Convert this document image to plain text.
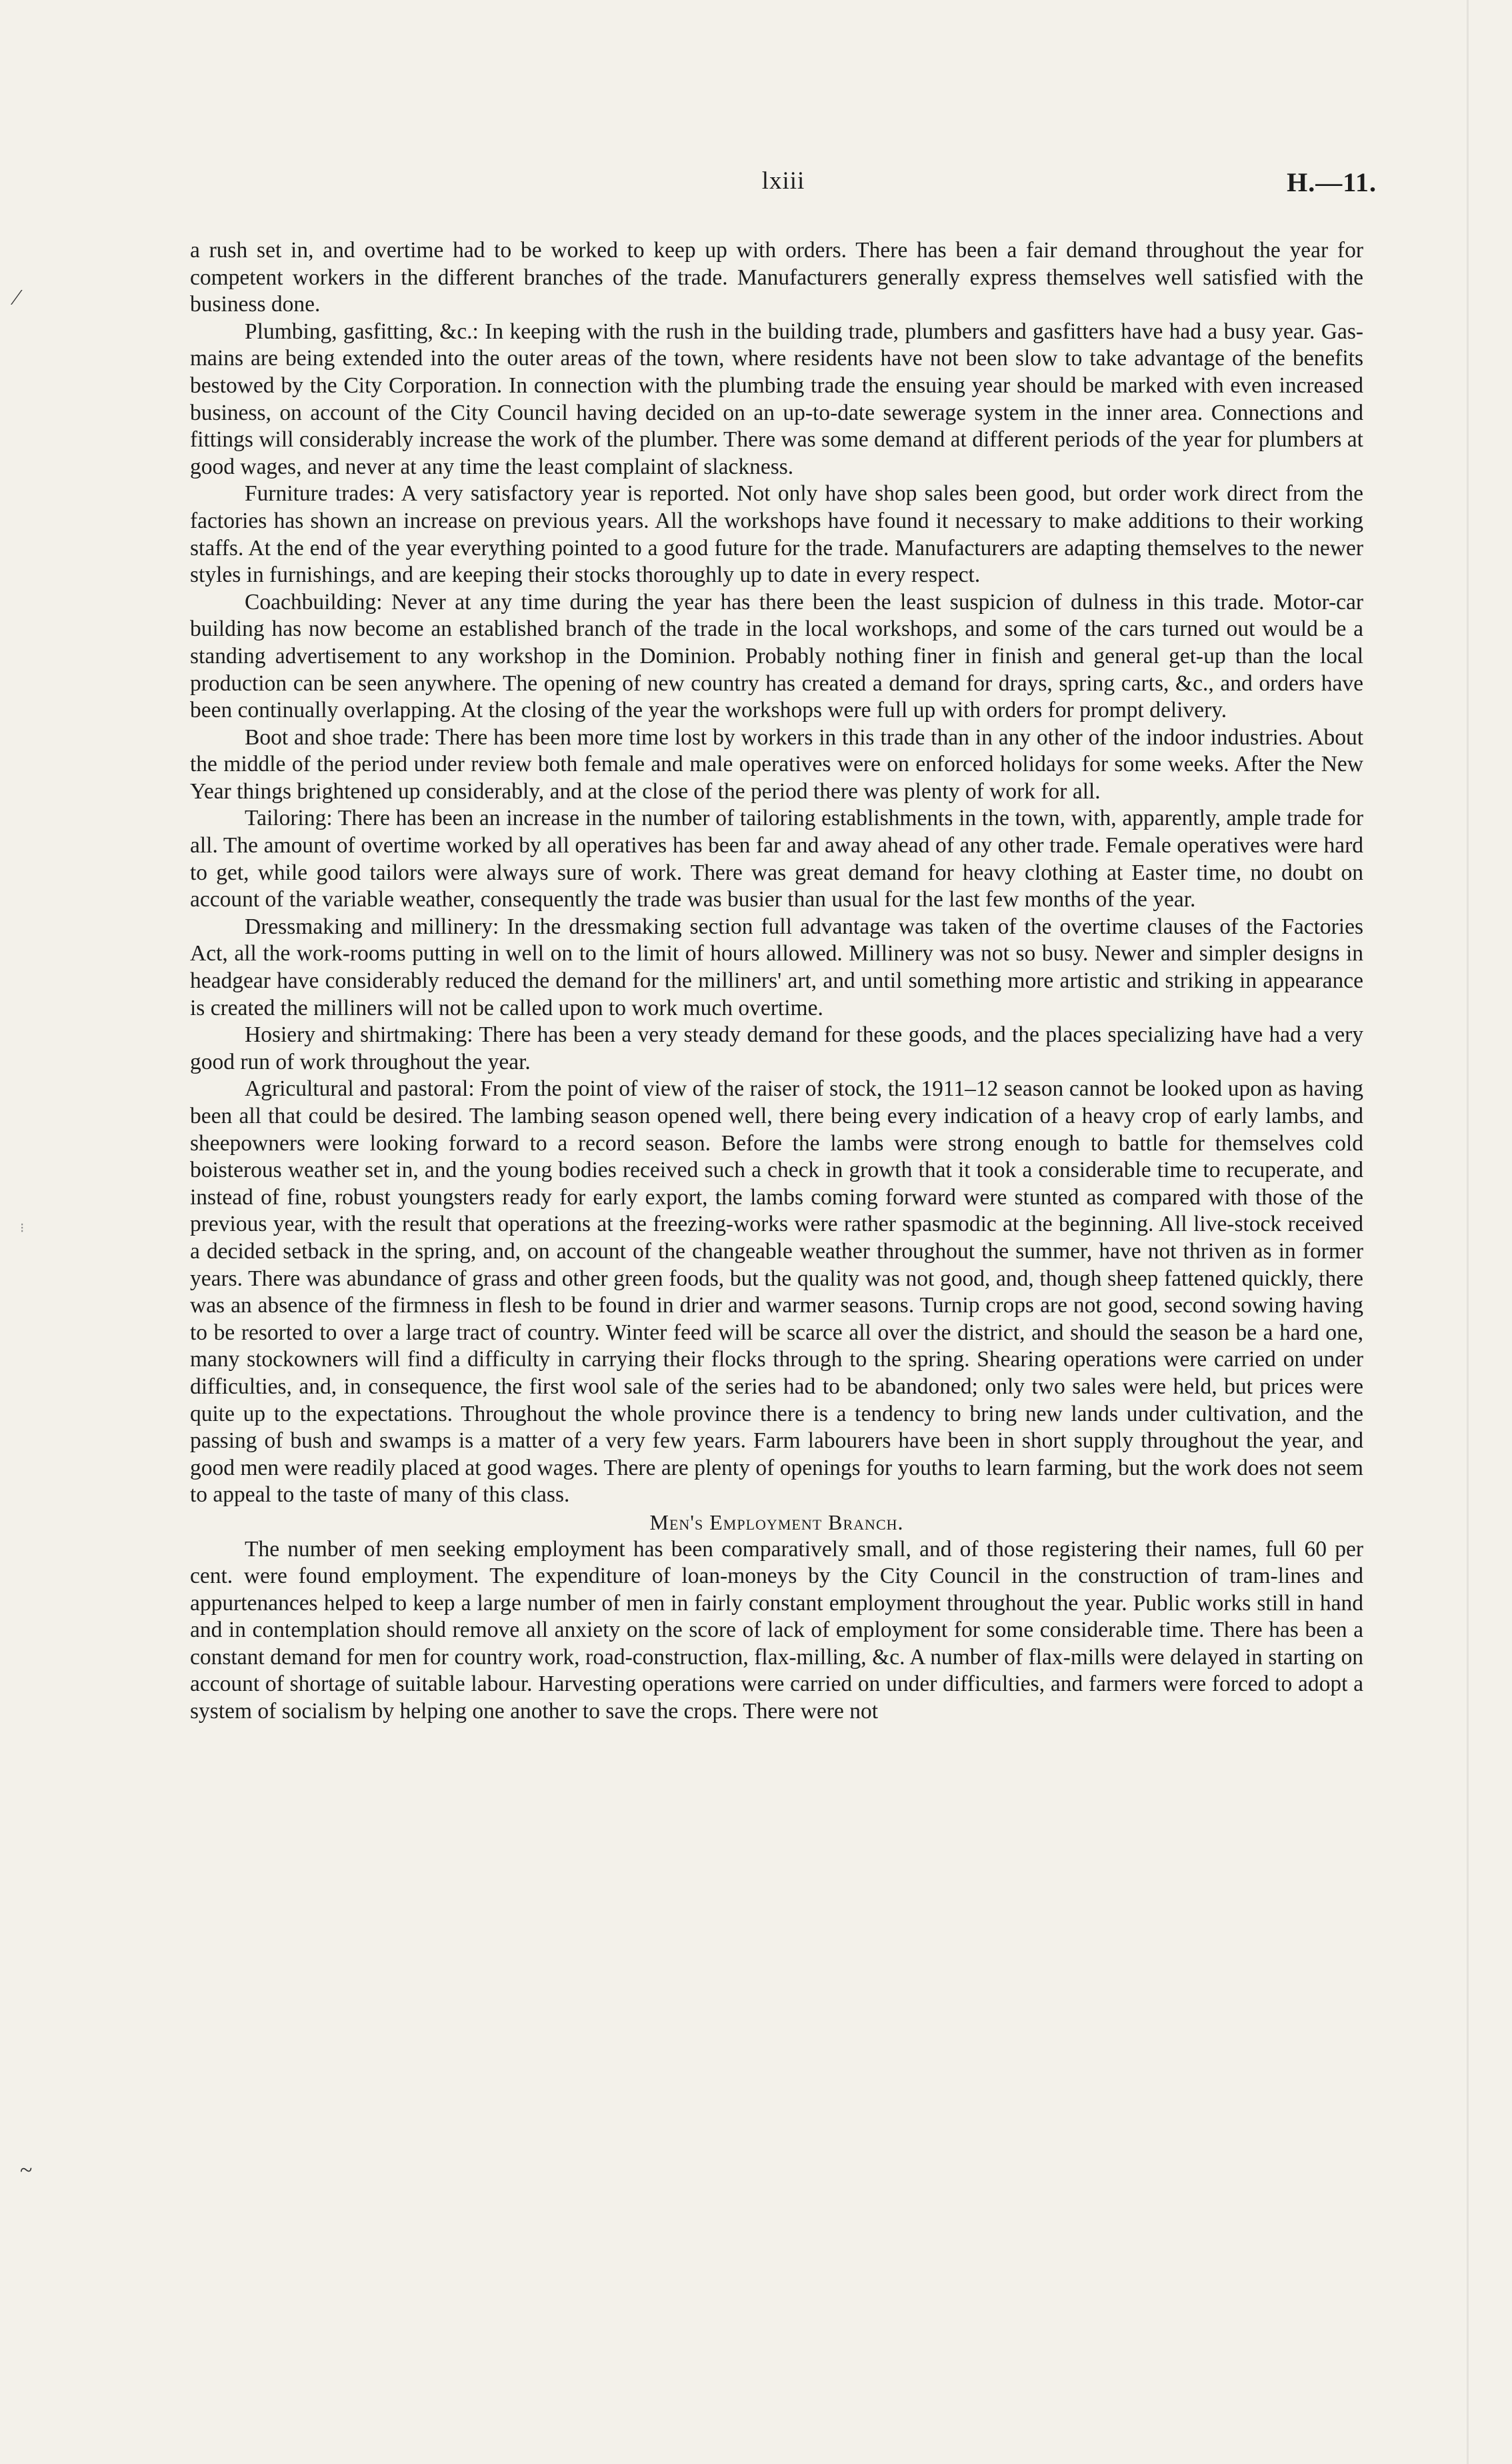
lxiii	H.—11.

a rush set in, and overtime had to be worked to keep up with orders. There has been a fair demand throughout the year for competent workers in the different branches of the trade. Manufacturers generally express themselves well satisfied with the business done.

Plumbing, gasfitting, &c.: In keeping with the rush in the building trade, plumbers and gasfitters have had a busy year. Gas-mains are being extended into the outer areas of the town, where residents have not been slow to take advantage of the benefits bestowed by the City Corporation. In connection with the plumbing trade the ensuing year should be marked with even increased business, on account of the City Council having decided on an up-to-date sewerage system in the inner area. Connections and fittings will considerably increase the work of the plumber. There was some demand at different periods of the year for plumbers at good wages, and never at any time the least complaint of slackness.

Furniture trades: A very satisfactory year is reported. Not only have shop sales been good, but order work direct from the factories has shown an increase on previous years. All the workshops have found it necessary to make additions to their working staffs. At the end of the year everything pointed to a good future for the trade. Manufacturers are adapting themselves to the newer styles in furnishings, and are keeping their stocks thoroughly up to date in every respect.

Coachbuilding: Never at any time during the year has there been the least suspicion of dulness in this trade. Motor-car building has now become an established branch of the trade in the local workshops, and some of the cars turned out would be a standing advertisement to any workshop in the Dominion. Probably nothing finer in finish and general get-up than the local production can be seen anywhere. The opening of new country has created a demand for drays, spring carts, &c., and orders have been continually overlapping. At the closing of the year the workshops were full up with orders for prompt delivery.

Boot and shoe trade: There has been more time lost by workers in this trade than in any other of the indoor industries. About the middle of the period under review both female and male operatives were on enforced holidays for some weeks. After the New Year things brightened up considerably, and at the close of the period there was plenty of work for all.

Tailoring: There has been an increase in the number of tailoring establishments in the town, with, apparently, ample trade for all. The amount of overtime worked by all operatives has been far and away ahead of any other trade. Female operatives were hard to get, while good tailors were always sure of work. There was great demand for heavy clothing at Easter time, no doubt on account of the variable weather, consequently the trade was busier than usual for the last few months of the year.

Dressmaking and millinery: In the dressmaking section full advantage was taken of the overtime clauses of the Factories Act, all the work-rooms putting in well on to the limit of hours allowed. Millinery was not so busy. Newer and simpler designs in headgear have considerably reduced the demand for the milliners' art, and until something more artistic and striking in appearance is created the milliners will not be called upon to work much overtime.

Hosiery and shirtmaking: There has been a very steady demand for these goods, and the places specializing have had a very good run of work throughout the year.

Agricultural and pastoral: From the point of view of the raiser of stock, the 1911–12 season cannot be looked upon as having been all that could be desired. The lambing season opened well, there being every indication of a heavy crop of early lambs, and sheepowners were looking forward to a record season. Before the lambs were strong enough to battle for themselves cold boisterous weather set in, and the young bodies received such a check in growth that it took a considerable time to recuperate, and instead of fine, robust youngsters ready for early export, the lambs coming forward were stunted as compared with those of the previous year, with the result that operations at the freezing-works were rather spasmodic at the beginning. All live-stock received a decided setback in the spring, and, on account of the changeable weather throughout the summer, have not thriven as in former years. There was abundance of grass and other green foods, but the quality was not good, and, though sheep fattened quickly, there was an absence of the firmness in flesh to be found in drier and warmer seasons. Turnip crops are not good, second sowing having to be resorted to over a large tract of country. Winter feed will be scarce all over the district, and should the season be a hard one, many stockowners will find a difficulty in carrying their flocks through to the spring. Shearing operations were carried on under difficulties, and, in consequence, the first wool sale of the series had to be abandoned; only two sales were held, but prices were quite up to the expectations. Throughout the whole province there is a tendency to bring new lands under cultivation, and the passing of bush and swamps is a matter of a very few years. Farm labourers have been in short supply throughout the year, and good men were readily placed at good wages. There are plenty of openings for youths to learn farming, but the work does not seem to appeal to the taste of many of this class.

Men's Employment Branch.

The number of men seeking employment has been comparatively small, and of those registering their names, full 60 per cent. were found employment. The expenditure of loan-moneys by the City Council in the construction of tram-lines and appurtenances helped to keep a large number of men in fairly constant employment throughout the year. Public works still in hand and in contemplation should remove all anxiety on the score of lack of employment for some considerable time. There has been a constant demand for men for country work, road-construction, flax-milling, &c. A number of flax-mills were delayed in starting on account of shortage of suitable labour. Harvesting operations were carried on under difficulties, and farmers were forced to adopt a system of socialism by helping one another to save the crops. There were not

⁄
⁝
~
